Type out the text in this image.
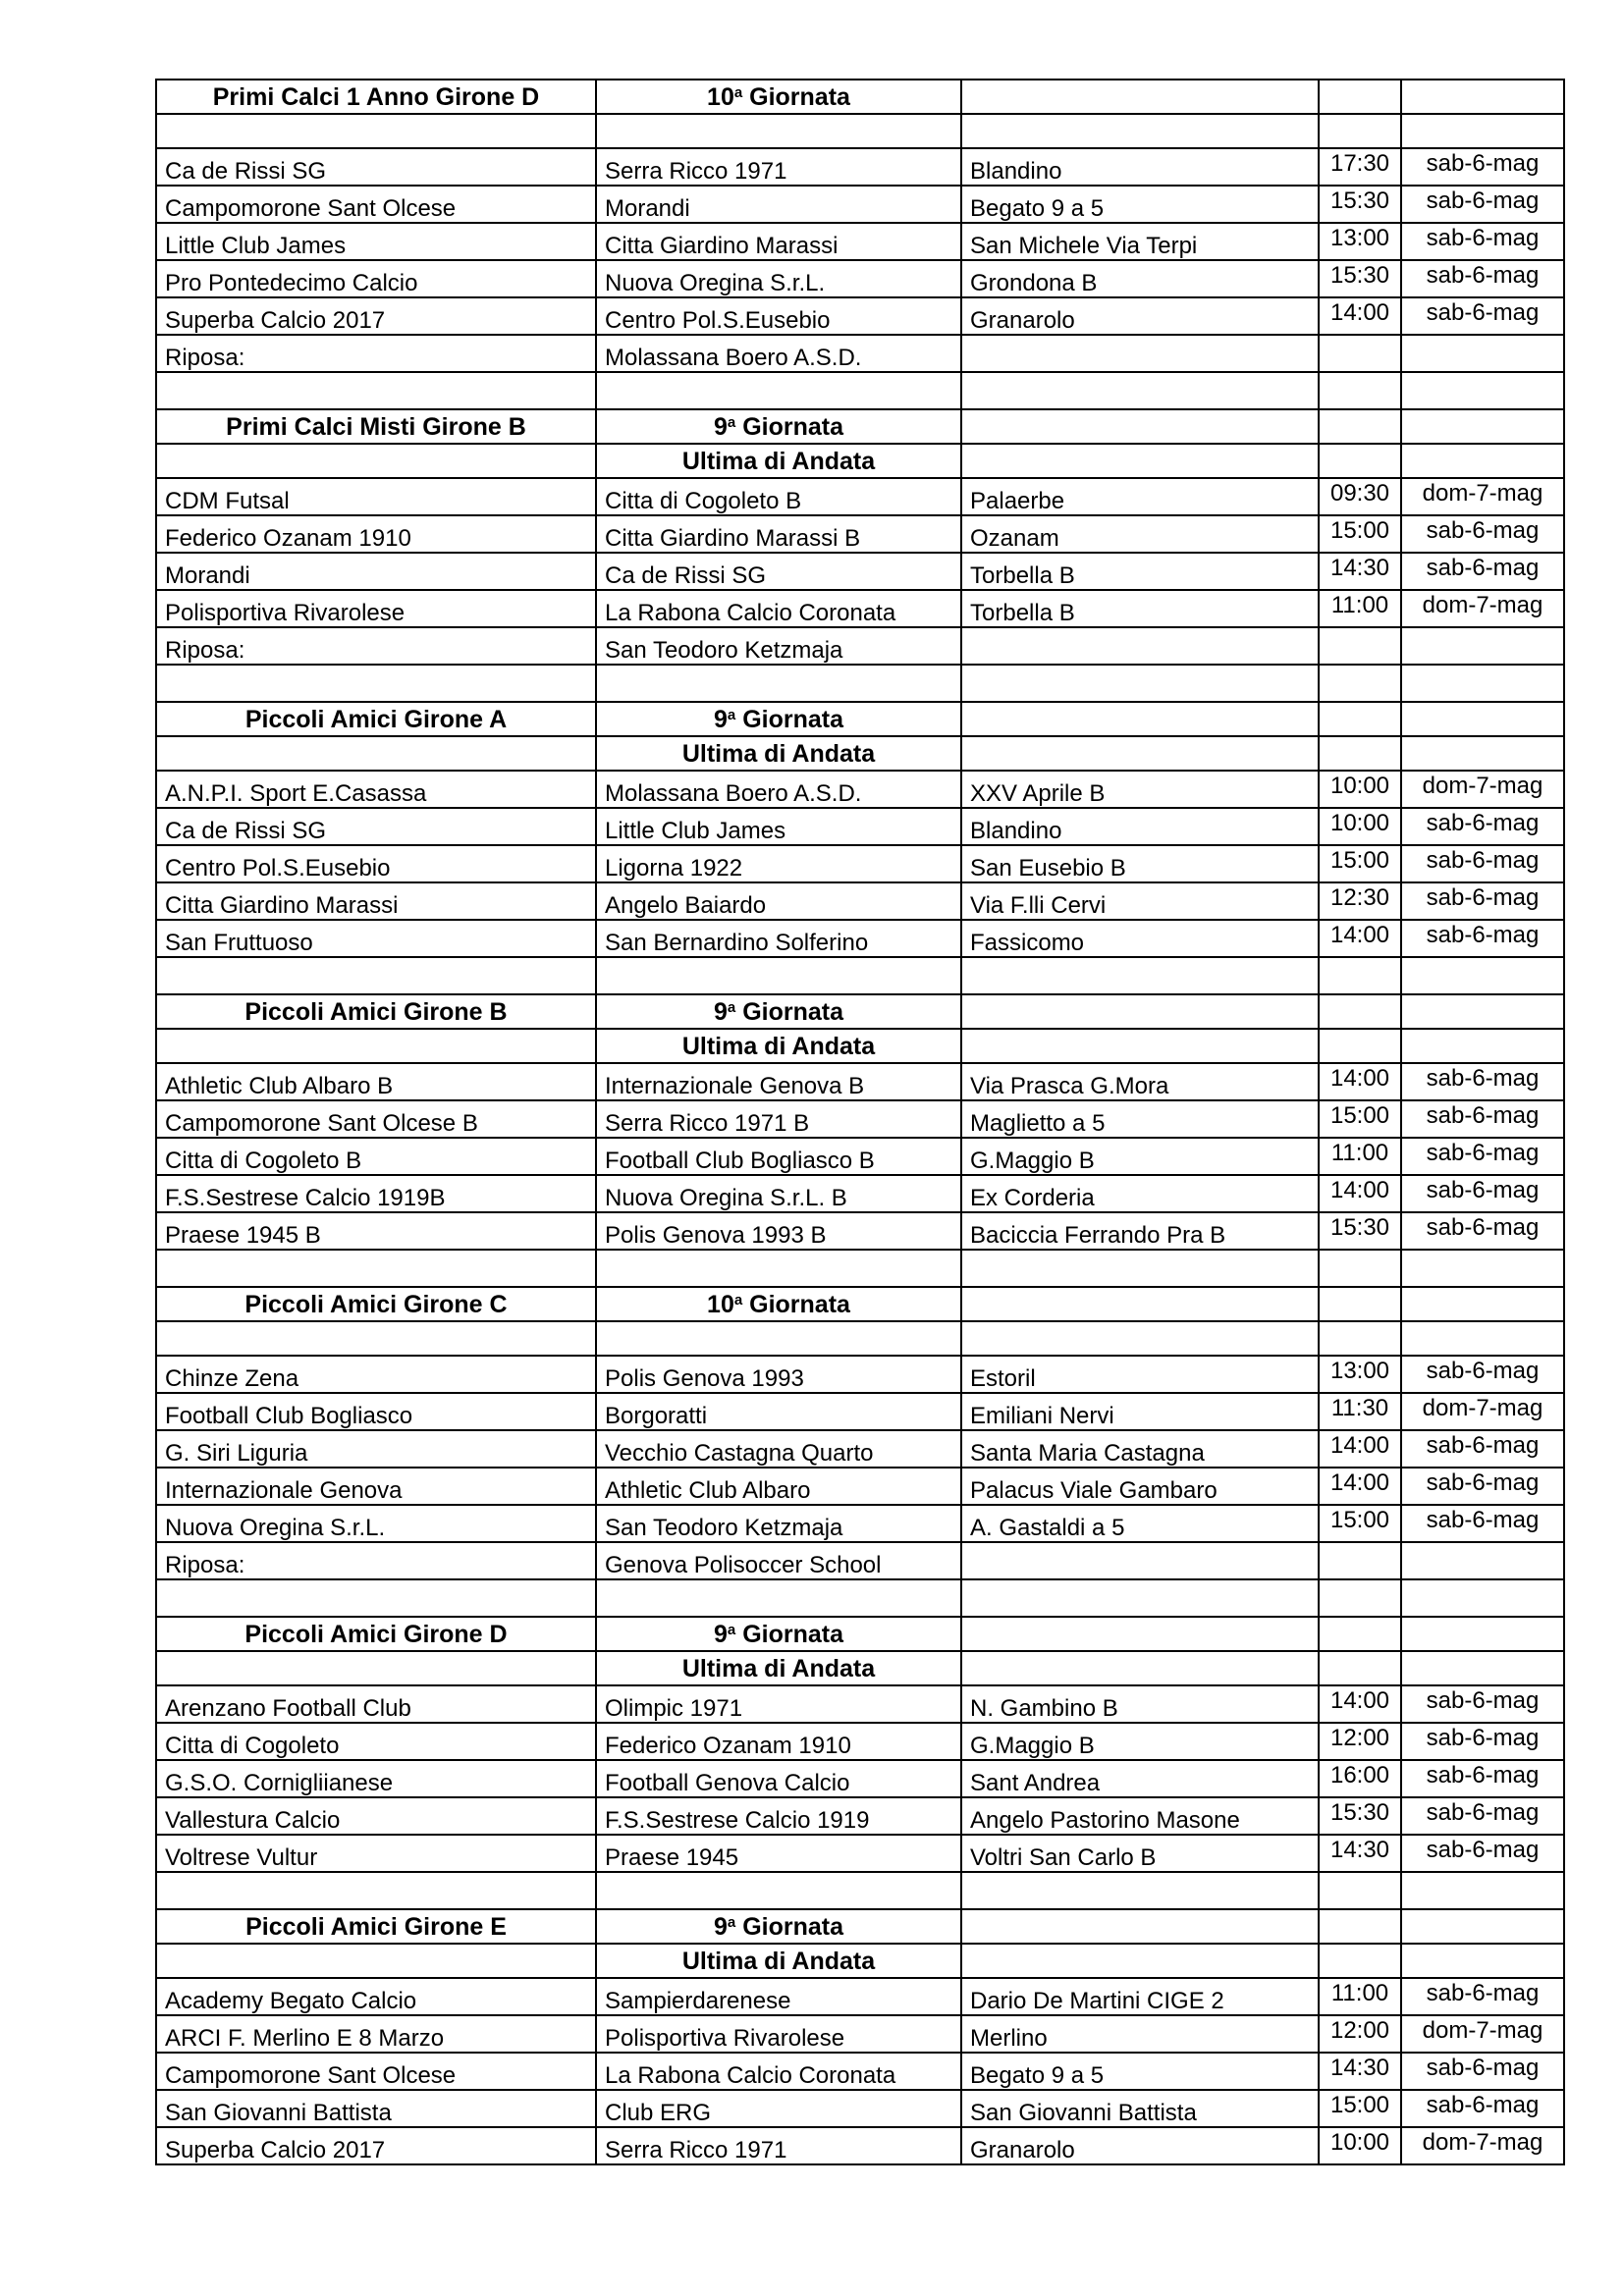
Primi Calci 1 Anno Girone D	10$^a$ Giornata			

Ca de Rissi SG	Serra Ricco 1971	Blandino	17:30	sab-6-mag
Campomorone Sant Olcese	Morandi	Begato 9 a 5	15:30	sab-6-mag
Little Club James	Citta Giardino Marassi	San Michele Via Terpi	13:00	sab-6-mag
Pro Pontedecimo Calcio	Nuova Oregina S.r.L.	Grondona B	15:30	sab-6-mag
Superba Calcio 2017	Centro Pol.S.Eusebio	Granarolo	14:00	sab-6-mag
Riposa:	Molassana Boero A.S.D.			

Primi Calci Misti Girone B	9$^a$ Giornata			
	Ultima di Andata			
CDM Futsal	Citta di Cogoleto B	Palaerbe	09:30	dom-7-mag
Federico Ozanam 1910	Citta Giardino Marassi B	Ozanam	15:00	sab-6-mag
Morandi	Ca de Rissi SG	Torbella B	14:30	sab-6-mag
Polisportiva Rivarolese	La Rabona Calcio Coronata	Torbella B	11:00	dom-7-mag
Riposa:	San Teodoro Ketzmaja			

Piccoli Amici Girone A	9$^a$ Giornata			
	Ultima di Andata			
A.N.P.I. Sport E.Casassa	Molassana Boero A.S.D.	XXV Aprile B	10:00	dom-7-mag
Ca de Rissi SG	Little Club James	Blandino	10:00	sab-6-mag
Centro Pol.S.Eusebio	Ligorna 1922	San Eusebio B	15:00	sab-6-mag
Citta Giardino Marassi	Angelo Baiardo	Via F.lli Cervi	12:30	sab-6-mag
San Fruttuoso	San Bernardino Solferino	Fassicomo	14:00	sab-6-mag

Piccoli Amici Girone B	9$^a$ Giornata			
	Ultima di Andata			
Athletic Club Albaro B	Internazionale Genova B	Via Prasca G.Mora	14:00	sab-6-mag
Campomorone Sant Olcese B	Serra Ricco 1971 B	Maglietto a 5	15:00	sab-6-mag
Citta di Cogoleto B	Football Club Bogliasco B	G.Maggio B	11:00	sab-6-mag
F.S.Sestrese Calcio 1919B	Nuova Oregina S.r.L. B	Ex Corderia	14:00	sab-6-mag
Praese 1945 B	Polis Genova 1993 B	Baciccia Ferrando Pra B	15:30	sab-6-mag

Piccoli Amici Girone C	10$^a$ Giornata			

Chinze Zena	Polis Genova 1993	Estoril	13:00	sab-6-mag
Football Club Bogliasco	Borgoratti	Emiliani Nervi	11:30	dom-7-mag
G. Siri Liguria	Vecchio Castagna Quarto	Santa Maria Castagna	14:00	sab-6-mag
Internazionale Genova	Athletic Club Albaro	Palacus Viale Gambaro	14:00	sab-6-mag
Nuova Oregina S.r.L.	San Teodoro Ketzmaja	A. Gastaldi a 5	15:00	sab-6-mag
Riposa:	Genova Polisoccer School			

Piccoli Amici Girone D	9$^a$ Giornata			
	Ultima di Andata			
Arenzano Football Club	Olimpic 1971	N. Gambino B	14:00	sab-6-mag
Citta di Cogoleto	Federico Ozanam 1910	G.Maggio B	12:00	sab-6-mag
G.S.O. Cornigliianese	Football Genova Calcio	Sant Andrea	16:00	sab-6-mag
Vallestura Calcio	F.S.Sestrese Calcio 1919	Angelo Pastorino Masone	15:30	sab-6-mag
Voltrese Vultur	Praese 1945	Voltri San Carlo B	14:30	sab-6-mag

Piccoli Amici Girone E	9$^a$ Giornata			
	Ultima di Andata			
Academy Begato Calcio	Sampierdarenese	Dario De Martini CIGE 2	11:00	sab-6-mag
ARCI F. Merlino E 8 Marzo	Polisportiva Rivarolese	Merlino	12:00	dom-7-mag
Campomorone Sant Olcese	La Rabona Calcio Coronata	Begato 9 a 5	14:30	sab-6-mag
San Giovanni Battista	Club ERG	San Giovanni Battista	15:00	sab-6-mag
Superba Calcio 2017	Serra Ricco 1971	Granarolo	10:00	dom-7-mag
